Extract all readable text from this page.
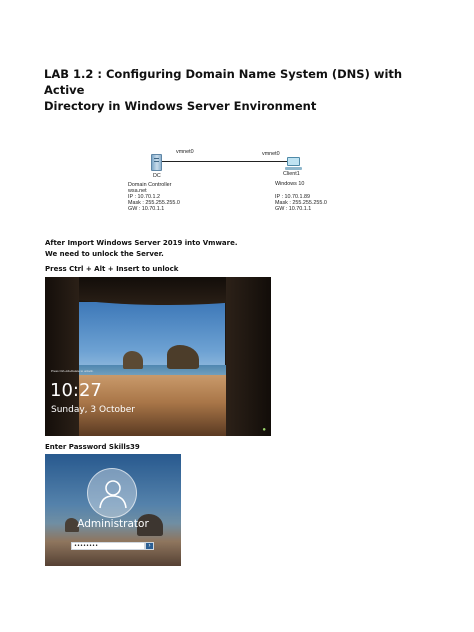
LAB 1.2 : Configuring Domain Name System (DNS) with Active
Directory in Windows Server Environment
vmnet0	vmnet0
DC
Domain Controller
wsa.net
IP : 10.70.1.2
Mask : 255.255.255.0
GW : 10.70.1.1
Client1
Windows 10
IP : 10.70.1.89
Mask : 255.255.255.0
GW : 10.70.1.1
After Import Windows Server 2019 into Vmware.
We need to unlock the Server.
Press Ctrl + Alt + Insert to unlock
Press Ctrl+Alt+Delete to unlock.
10:27
Sunday, 3 October
●
Enter Password Skills39
Administrator
••••••••
›
